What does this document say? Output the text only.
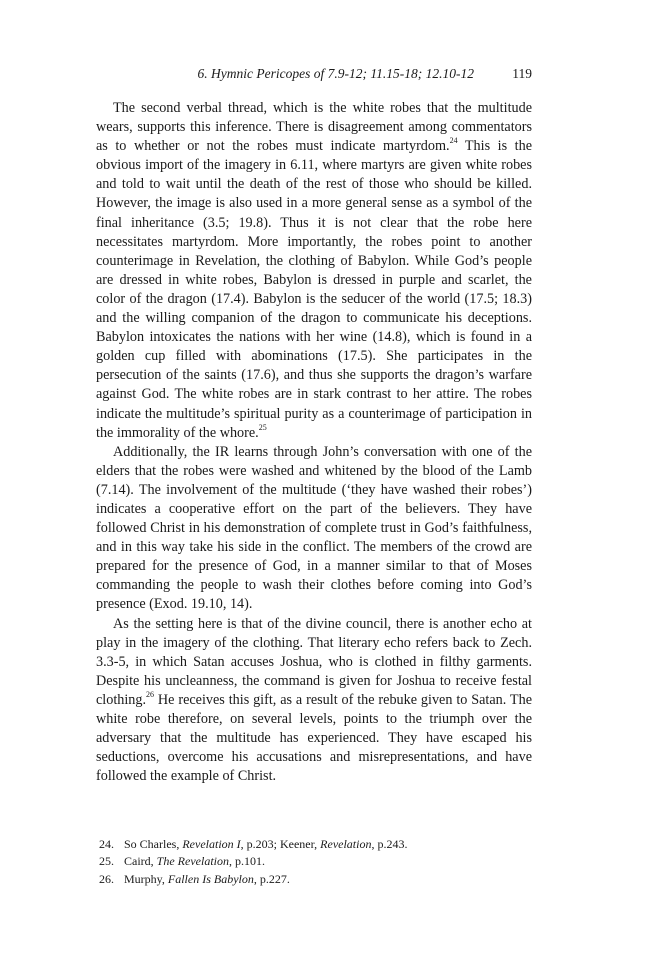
6. Hymnic Pericopes of 7.9-12; 11.15-18; 12.10-12	119

The second verbal thread, which is the white robes that the multitude wears, supports this inference. There is disagreement among commentators as to whether or not the robes must indicate martyrdom.$^{24}$ This is the obvious import of the imagery in 6.11, where martyrs are given white robes and told to wait until the death of the rest of those who should be killed. However, the image is also used in a more general sense as a symbol of the final inheritance (3.5; 19.8). Thus it is not clear that the robe here necessitates martyrdom. More importantly, the robes point to another counterimage in Revelation, the clothing of Babylon. While God’s people are dressed in white robes, Babylon is dressed in purple and scarlet, the color of the dragon (17.4). Babylon is the seducer of the world (17.5; 18.3) and the willing companion of the dragon to communicate his deceptions. Babylon intoxicates the nations with her wine (14.8), which is found in a golden cup filled with abominations (17.5). She participates in the persecution of the saints (17.6), and thus she supports the dragon’s warfare against God. The white robes are in stark contrast to her attire. The robes indicate the multitude’s spiritual purity as a counterimage of participation in the immorality of the whore.$^{25}$

Additionally, the IR learns through John’s conversation with one of the elders that the robes were washed and whitened by the blood of the Lamb (7.14). The involvement of the multitude (‘they have washed their robes’) indicates a cooperative effort on the part of the believers. They have followed Christ in his demonstration of complete trust in God’s faithfulness, and in this way take his side in the conflict. The members of the crowd are prepared for the presence of God, in a manner similar to that of Moses commanding the people to wash their clothes before coming into God’s presence (Exod. 19.10, 14).

As the setting here is that of the divine council, there is another echo at play in the imagery of the clothing. That literary echo refers back to Zech. 3.3-5, in which Satan accuses Joshua, who is clothed in filthy garments. Despite his uncleanness, the command is given for Joshua to receive festal clothing.$^{26}$ He receives this gift, as a result of the rebuke given to Satan. The white robe therefore, on several levels, points to the triumph over the adversary that the multitude has experienced. They have escaped his seductions, overcome his accusations and misrepresentations, and have followed the example of Christ.

24 . So Charles, Revelation I, p.203; Keener, Revelation, p.243.
25 . Caird, The Revelation, p.101.
26 . Murphy, Fallen Is Babylon, p.227.
